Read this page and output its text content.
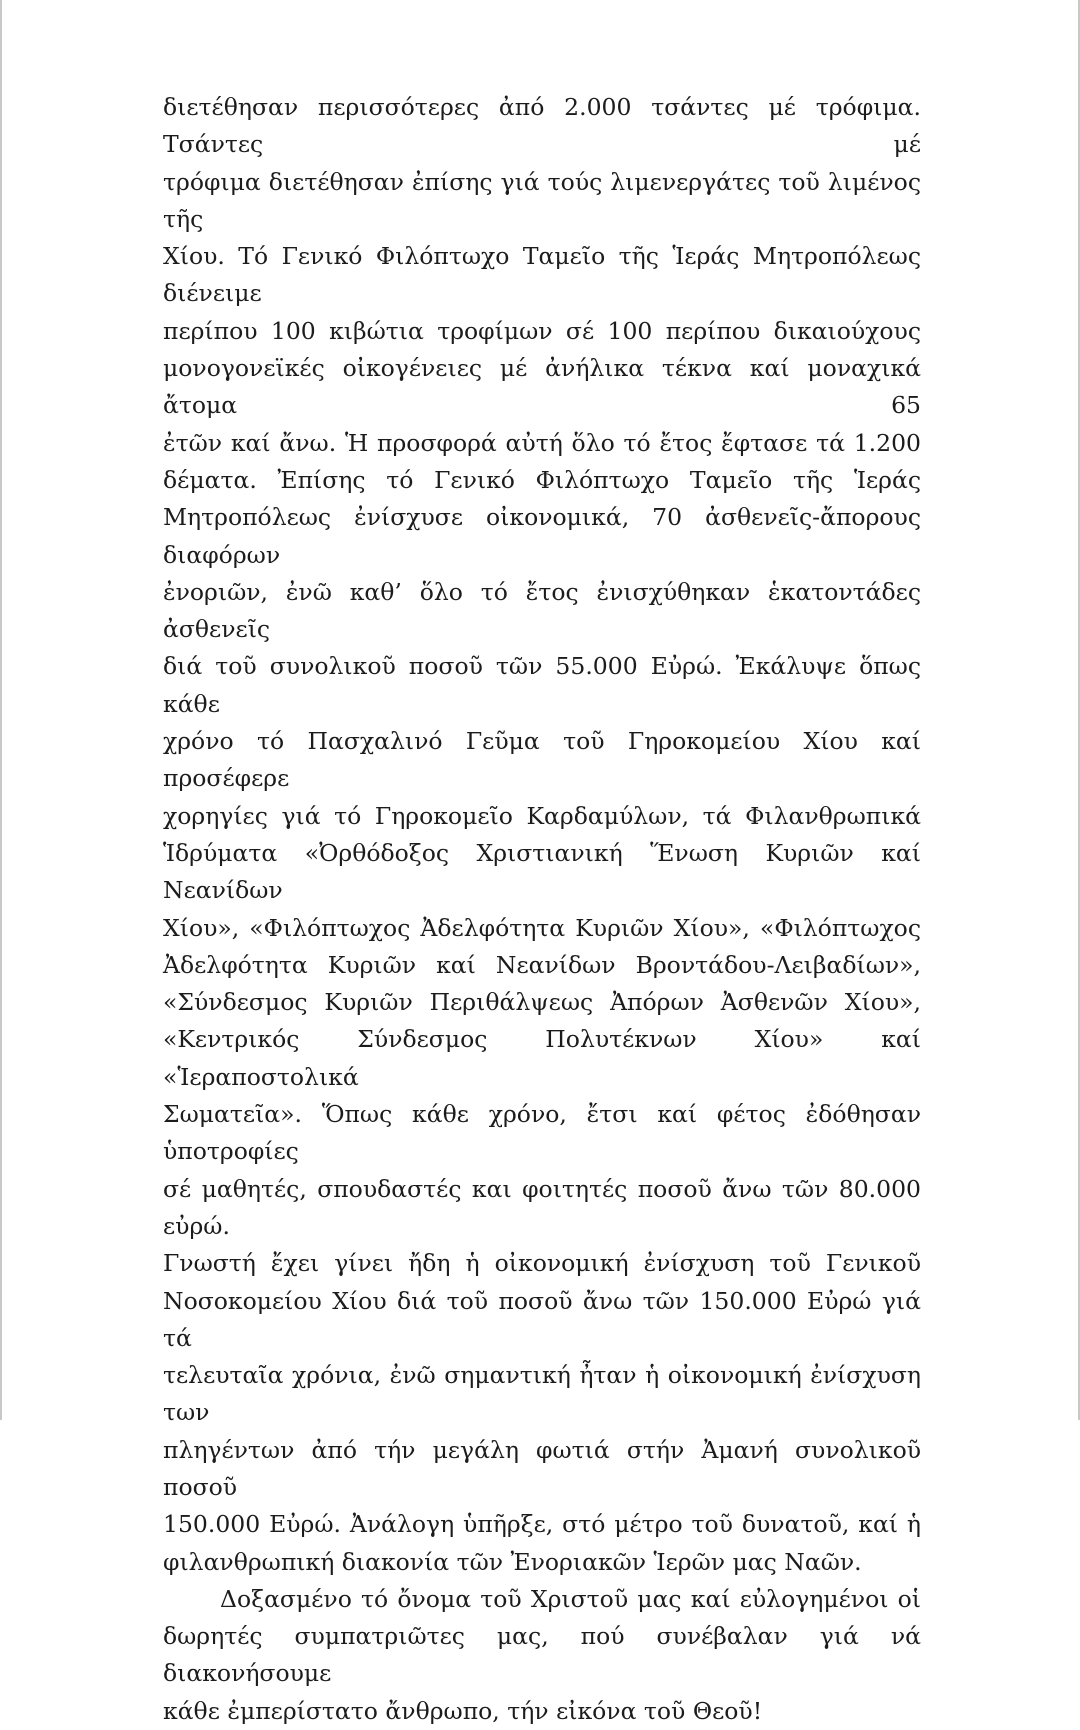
διετέθησαν περισσότερες ἀπό 2.000 τσάντες μέ τρόφιμα. Τσάντες μέ
τρόφιμα διετέθησαν ἐπίσης γιά τούς λιμενεργάτες τοῦ λιμένος τῆς
Χίου. Τό Γενικό Φιλόπτωχο Ταμεῖο τῆς Ἱεράς Μητροπόλεως διένειμε
περίπου 100 κιβώτια τροφίμων σέ 100 περίπου δικαιούχους
μονογονεϊκές οἰκογένειες μέ ἀνήλικα τέκνα καί μοναχικά ἄτομα 65
ἐτῶν καί ἄνω. Ἡ προσφορά αὐτή ὅλο τό ἔτος ἔφτασε τά 1.200
δέματα. Ἐπίσης τό Γενικό Φιλόπτωχο Ταμεῖο τῆς Ἱεράς
Μητροπόλεως ἐνίσχυσε οἰκονομικά, 70 ἀσθενεῖς-ἄπορους διαφόρων
ἐνοριῶν, ἐνῶ καθ’ ὅλο τό ἔτος ἐνισχύθηκαν ἑκατοντάδες ἀσθενεῖς
διά τοῦ συνολικοῦ ποσοῦ τῶν 55.000 Εὐρώ. Ἐκάλυψε ὅπως κάθε
χρόνο τό Πασχαλινό Γεῦμα τοῦ Γηροκομείου Χίου καί προσέφερε
χορηγίες γιά τό Γηροκομεῖο Καρδαμύλων, τά Φιλανθρωπικά
Ἱδρύματα «Ὀρθόδοξος Χριστιανική Ἕνωση Κυριῶν καί Νεανίδων
Χίου», «Φιλόπτωχος Ἀδελφότητα Κυριῶν Χίου», «Φιλόπτωχος
Ἀδελφότητα Κυριῶν καί Νεανίδων Βροντάδου-Λειβαδίων»,
«Σύνδεσμος Κυριῶν Περιθάλψεως Ἀπόρων Ἀσθενῶν Χίου»,
«Κεντρικός Σύνδεσμος Πολυτέκνων Χίου» καί «Ἱεραποστολικά
Σωματεῖα». Ὅπως κάθε χρόνο, ἔτσι καί φέτος ἐδόθησαν ὑποτροφίες
σέ μαθητές, σπουδαστές και φοιτητές ποσοῦ ἄνω τῶν 80.000 εὐρώ.
Γνωστή ἔχει γίνει ἤδη ἡ οἰκονομική ἐνίσχυση τοῦ Γενικοῦ
Νοσοκομείου Χίου διά τοῦ ποσοῦ ἄνω τῶν 150.000 Εὐρώ γιά τά
τελευταῖα χρόνια, ἐνῶ σημαντική ἦταν ἡ οἰκονομική ἐνίσχυση των
πληγέντων ἀπό τήν μεγάλη φωτιά στήν Ἀμανή συνολικοῦ ποσοῦ
150.000 Εὐρώ. Ἀνάλογη ὑπῆρξε, στό μέτρο τοῦ δυνατοῦ, καί ἡ
φιλανθρωπική διακονία τῶν Ἐνοριακῶν Ἱερῶν μας Ναῶν.
Δοξασμένο τό ὄνομα τοῦ Χριστοῦ μας καί εὐλογημένοι οἱ
δωρητές συμπατριῶτες μας, πού συνέβαλαν γιά νά διακονήσουμε
κάθε ἐμπερίστατο ἄνθρωπο, τήν εἰκόνα τοῦ Θεοῦ!
